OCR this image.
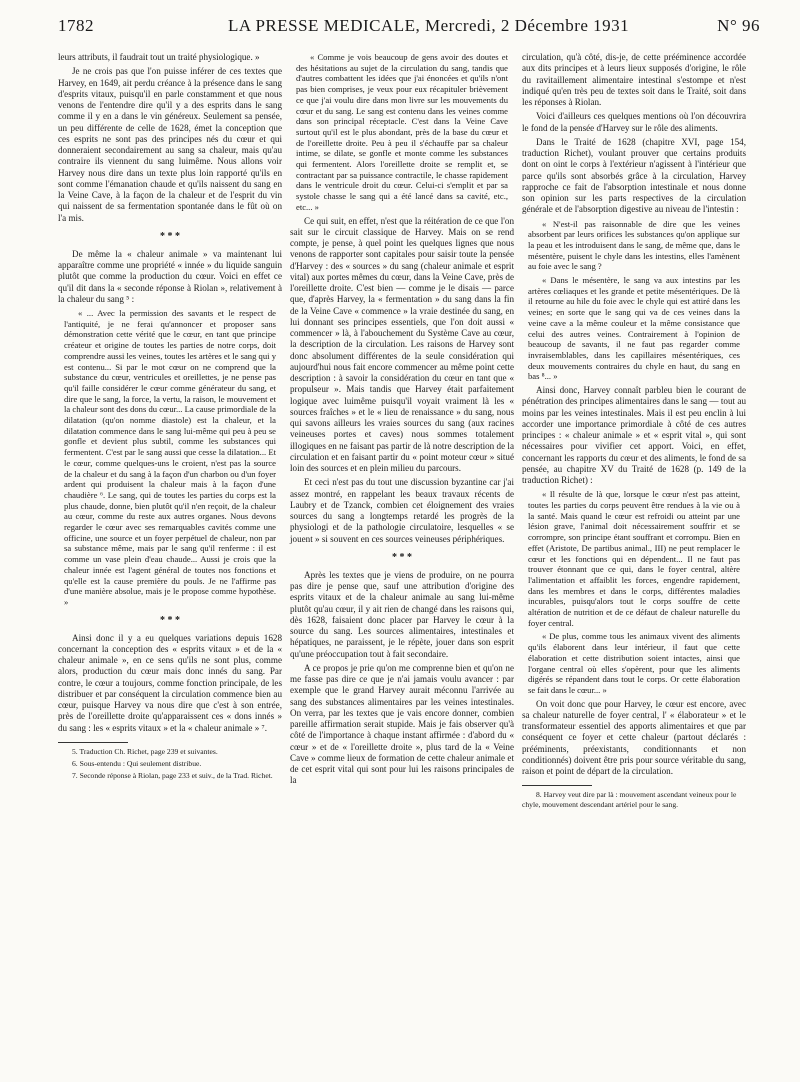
1782	LA PRESSE MEDICALE, Mercredi, 2 Décembre 1931	N° 96

leurs attributs, il faudrait tout un traité physiologique. »

Je ne crois pas que l'on puisse inférer de ces textes que Harvey, en 1649, ait perdu créance à la présence dans le sang d'esprits vitaux, puisqu'il en parle constamment et que nous venons de l'entendre dire qu'il y a des esprits dans le sang comme il y en a dans le vin généreux. Seulement sa pensée, un peu différente de celle de 1628, émet la conception que ces esprits ne sont pas des principes nés du cœur et qui donneraient secondairement au sang sa chaleur, mais qu'au contraire ils viennent du sang luimême. Nous allons voir Harvey nous dire dans un texte plus loin rapporté qu'ils en sont comme l'émanation chaude et qu'ils naissent du sang en la Veine Cave, à la façon de la chaleur et de l'esprit du vin qui naissent de sa fermentation spontanée dans le fût où on l'a mis.

* * *

De même la « chaleur animale » va maintenant lui apparaître comme une propriété « innée » du liquide sanguin plutôt que comme la production du cœur. Voici en effet ce qu'il dit dans la « seconde réponse à Riolan », relativement à la chaleur du sang ⁵ :

« ... Avec la permission des savants et le respect de l'antiquité, je ne ferai qu'annoncer et proposer sans démonstration cette vérité que le cœur, en tant que principe créateur et origine de toutes les parties de notre corps, doit comprendre aussi les veines, toutes les artères et le sang qui y est contenu... Si par le mot cœur on ne comprend que la substance du cœur, ventricules et oreillettes, je ne pense pas qu'il faille considérer le cœur comme générateur du sang, et dire que le sang, la force, la vertu, la raison, le mouvement et la chaleur sont des dons du cœur... La cause primordiale de la dilatation (qu'on nomme diastole) est la chaleur, et la dilatation commence dans le sang lui-même qui peu à peu se gonfle et devient plus subtil, comme les substances qui fermentent. C'est par le sang aussi que cesse la dilatation... Et le cœur, comme quelques-uns le croient, n'est pas la source de la chaleur et du sang à la façon d'un charbon ou d'un foyer ardent qui produisent la chaleur mais à la façon d'une chaudière ⁶. Le sang, qui de toutes les parties du corps est la plus chaude, donne, bien plutôt qu'il n'en reçoit, de la chaleur au cœur, comme du reste aux autres organes. Nous devons regarder le cœur avec ses remarquables cavités comme une officine, une source et un foyer perpétuel de chaleur, non par sa substance même, mais par le sang qu'il renferme : il est comme un vase plein d'eau chaude... Aussi je crois que la chaleur innée est l'agent général de toutes nos fonctions et qu'elle est la cause première du pouls. Je ne l'affirme pas d'une manière absolue, mais je le propose comme hypothèse. »

* * *

Ainsi donc il y a eu quelques variations depuis 1628 concernant la conception des « esprits vitaux » et de la « chaleur animale », en ce sens qu'ils ne sont plus, comme alors, production du cœur mais donc innés du sang. Par contre, le cœur a toujours, comme fonction principale, de les distribuer et par conséquent la circulation commence bien au cœur, puisque Harvey va nous dire que c'est à son entrée, près de l'oreillette droite qu'apparaissent ces « dons innés » du sang : les « esprits vitaux » et la « chaleur animale » ⁷.

5. Traduction Ch. Richet, page 239 et suivantes.

6. Sous-entendu : Qui seulement distribue.

7. Seconde réponse à Riolan, page 233 et suiv., de la Trad. Richet.

« Comme je vois beaucoup de gens avoir des doutes et des hésitations au sujet de la circulation du sang, tandis que d'autres combattent les idées que j'ai énoncées et qu'ils n'ont pas bien comprises, je veux pour eux récapituler brièvement ce que j'ai voulu dire dans mon livre sur les mouvements du cœur et du sang. Le sang est contenu dans les veines comme dans son principal réceptacle. C'est dans la Veine Cave surtout qu'il est le plus abondant, près de la base du cœur et de l'oreillette droite. Peu à peu il s'échauffe par sa chaleur intime, se dilate, se gonfle et monte comme les substances qui fermentent. Alors l'oreillette droite se remplit et, se contractant par sa puissance contractile, le chasse rapidement dans le ventricule droit du cœur. Celui-ci s'emplit et par sa systole chasse le sang qui a été lancé dans sa cavité, etc., etc... »

Ce qui suit, en effet, n'est que la réitération de ce que l'on sait sur le circuit classique de Harvey. Mais on se rend compte, je pense, à quel point les quelques lignes que nous venons de rapporter sont capitales pour saisir toute la pensée d'Harvey : des « sources » du sang (chaleur animale et esprit vital) aux portes mêmes du cœur, dans la Veine Cave, près de l'oreillette droite. C'est bien — comme je le disais — parce que, d'après Harvey, la « fermentation » du sang dans la fin de la Veine Cave « commence » la vraie destinée du sang, en lui donnant ses principes essentiels, que l'on doit aussi « commencer » là, à l'abouchement du Système Cave au cœur, la description de la circulation. Les raisons de Harvey sont donc absolument différentes de la seule considération qui aujourd'hui nous fait encore commencer au même point cette description : à savoir la considération du cœur en tant que « propulseur ». Mais tandis que Harvey était parfaitement logique avec luimême puisqu'il voyait vraiment là les « sources fraîches » et le « lieu de renaissance » du sang, nous qui savons ailleurs les vraies sources du sang (aux racines veineuses portes et caves) nous sommes totalement illogiques en ne faisant pas partir de là notre description de la circulation et en faisant partir du « point moteur cœur » situé loin des sources et en plein milieu du parcours.

Et ceci n'est pas du tout une discussion byzantine car j'ai assez montré, en rappelant les beaux travaux récents de Laubry et de Tzanck, combien cet éloignement des vraies sources du sang a longtemps retardé les progrès de la physiologi et de la pathologie circulatoire, lesquelles « se jouent » si souvent en ces sources veineuses périphériques.

* * *

Après les textes que je viens de produire, on ne pourra pas dire je pense que, sauf une attribution d'origine des esprits vitaux et de la chaleur animale au sang lui-même plutôt qu'au cœur, il y ait rien de changé dans les raisons qui, dès 1628, faisaient donc placer par Harvey le cœur à la source du sang. Les sources alimentaires, intestinales et hépatiques, ne paraissent, je le répète, jouer dans son esprit qu'une préoccupation tout à fait secondaire.

A ce propos je prie qu'on me comprenne bien et qu'on ne me fasse pas dire ce que je n'ai jamais voulu avancer : par exemple que le grand Harvey aurait méconnu l'arrivée au sang des substances alimentaires par les veines intestinales. On verra, par les textes que je vais encore donner, combien pareille affirmation serait stupide. Mais je fais observer qu'à côté de l'importance à chaque instant affirmée : d'abord du « cœur » et de « l'oreillette droite », plus tard de la « Veine Cave » comme lieux de formation de cette chaleur animale et de cet esprit vital qui sont pour lui les raisons principales de la

circulation, qu'à côté, dis-je, de cette prééminence accordée aux dits principes et à leurs lieux supposés d'origine, le rôle du ravitaillement alimentaire intestinal s'estompe et n'est indiqué qu'en très peu de textes soit dans le Traité, soit dans les réponses à Riolan.

Voici d'ailleurs ces quelques mentions où l'on découvrira le fond de la pensée d'Harvey sur le rôle des aliments.

Dans le Traité de 1628 (chapitre XVI, page 154, traduction Richet), voulant prouver que certains produits dont on oint le corps à l'extérieur n'agissent à l'intérieur que parce qu'ils sont absorbés grâce à la circulation, Harvey rapproche ce fait de l'absorption intestinale et nous donne son opinion sur les parts respectives de la circulation générale et de l'absorption digestive au niveau de l'intestin :

« N'est-il pas raisonnable de dire que les veines absorbent par leurs orifices les substances qu'on applique sur la peau et les introduisent dans le sang, de même que, dans le mésentère, puisent le chyle dans les intestins, elles l'amènent au foie avec le sang ?

« Dans le mésentère, le sang va aux intestins par les artères cœliaques et les grande et petite mésentériques. De là il retourne au hile du foie avec le chyle qui est attiré dans les veines; en sorte que le sang qui va de ces veines dans la veine cave a la même couleur et la même consistance que celui des autres veines. Contrairement à l'opinion de beaucoup de savants, il ne faut pas regarder comme invraisemblables, dans les capillaires mésentériques, ces deux mouvements contraires du chyle en haut, du sang en bas ⁸... »

Ainsi donc, Harvey connaît parbleu bien le courant de pénétration des principes alimentaires dans le sang — tout au moins par les veines intestinales. Mais il est peu enclin à lui accorder une importance primordiale à côté de ces autres principes : « chaleur animale » et « esprit vital », qui sont nécessaires pour vivifier cet apport. Voici, en effet, concernant les rapports du cœur et des aliments, le fond de sa pensée, au chapitre XV du Traité de 1628 (p. 149 de la traduction Richet) :

« Il résulte de là que, lorsque le cœur n'est pas atteint, toutes les parties du corps peuvent être rendues à la vie ou à la santé. Mais quand le cœur est refroidi ou atteint par une lésion grave, l'animal doit nécessairement souffrir et se corrompre, son principe étant souffrant et corrompu. Bien en effet (Aristote, De partibus animal., III) ne peut remplacer le cœur et les fonctions qui en dépendent... Il ne faut pas trouver étonnant que ce qui, dans le foyer central, altère l'alimentation et affaiblit les forces, engendre rapidement, dans les membres et dans le corps, différentes maladies incurables, puisqu'alors tout le corps souffre de cette altération de nutrition et de ce défaut de chaleur naturelle du foyer central.

« De plus, comme tous les animaux vivent des aliments qu'ils élaborent dans leur intérieur, il faut que cette élaboration et cette distribution soient intactes, ainsi que l'organe central où elles s'opèrent, pour que les aliments digérés se répandent dans tout le corps. Or cette élaboration se fait dans le cœur... »

On voit donc que pour Harvey, le cœur est encore, avec sa chaleur naturelle de foyer central, l' « élaborateur » et le transformateur essentiel des apports alimentaires et que par conséquent ce foyer et cette chaleur (partout déclarés : prééminents, préexistants, conditionnants et non conditionnés) doivent être pris pour source véritable du sang, raison et point de départ de la circulation.

8. Harvey veut dire par là : mouvement ascendant veineux pour le chyle, mouvement descendant artériel pour le sang.
